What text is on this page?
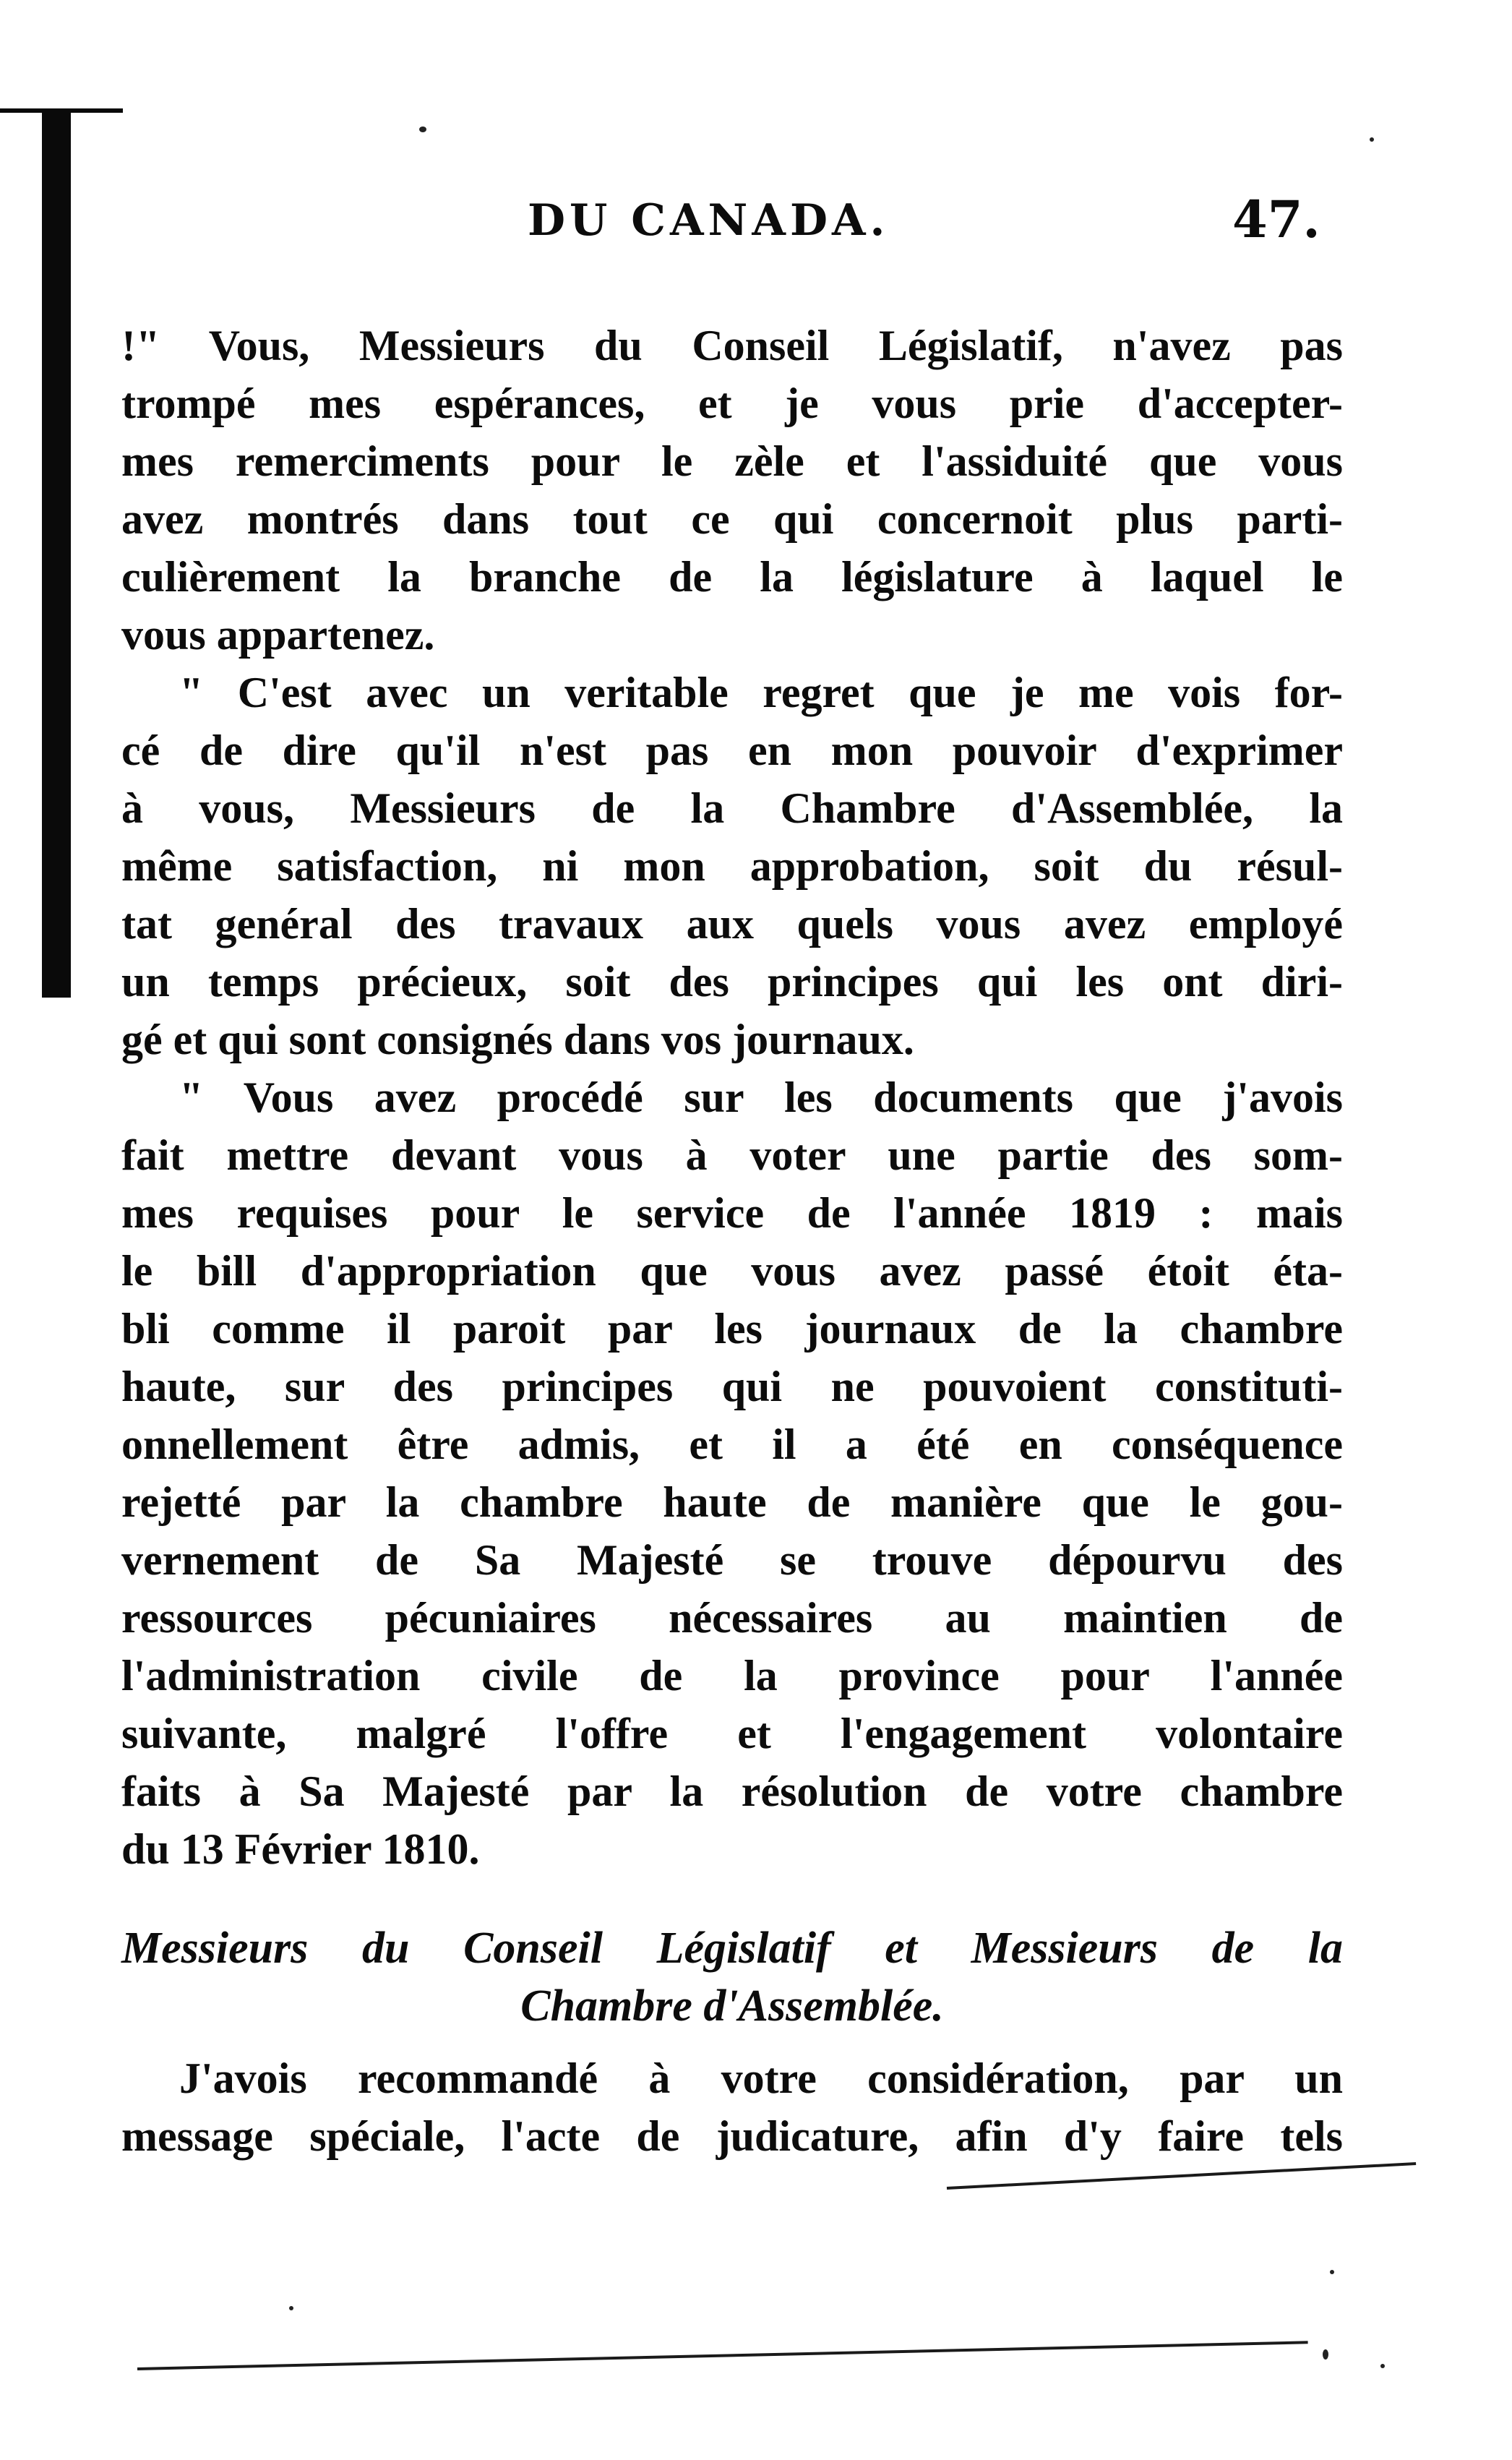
DU CANADA.	47.
!" Vous, Messieurs du Conseil Législatif, n'avez pas
trompé mes espérances, et je vous prie d'accepter-
mes remerciments pour le zèle et l'assiduité que vous
avez montrés dans tout ce qui concernoit plus parti-
culièrement la branche de la législature à laquel le
vous appartenez.
" C'est avec un veritable regret que je me vois for-
cé de dire qu'il n'est pas en mon pouvoir d'exprimer
à vous, Messieurs de la Chambre d'Assemblée, la
même satisfaction, ni mon approbation, soit du résul-
tat genéral des travaux aux quels vous avez employé
un temps précieux, soit des principes qui les ont diri-
gé et qui sont consignés dans vos journaux.
" Vous avez procédé sur les documents que j'avois
fait mettre devant vous à voter une partie des som-
mes requises pour le service de l'année 1819 : mais
le bill d'appropriation que vous avez passé étoit éta-
bli comme il paroit par les journaux de la chambre
haute, sur des principes qui ne pouvoient constituti-
onnellement être admis, et il a été en conséquence
rejetté par la chambre haute de manière que le gou-
vernement de Sa Majesté se trouve dépourvu des
ressources pécuniaires nécessaires au maintien de
l'administration civile de la province pour l'année
suivante, malgré l'offre et l'engagement volontaire
faits à Sa Majesté par la résolution de votre chambre
du 13 Février 1810.
Messieurs du Conseil Législatif et Messieurs de la
Chambre d'Assemblée.
J'avois recommandé à votre considération, par un
message spéciale, l'acte de judicature, afin d'y faire tels
